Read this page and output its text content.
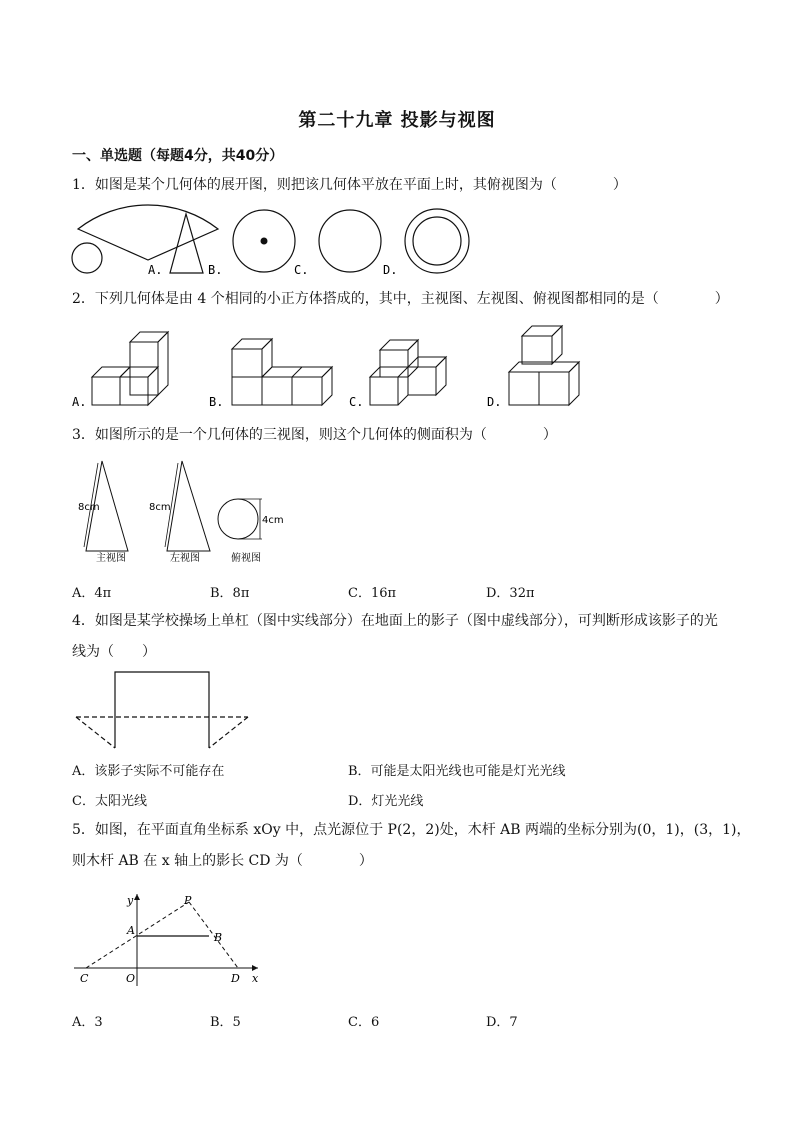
第二十九章 投影与视图
一、单选题（每题4分，共40分）
1．如图是某个几何体的展开图，则把该几何体平放在平面上时，其俯视图为（　　　　）
A.	B.	C.	D.
2．下列几何体是由 4 个相同的小正方体搭成的，其中，主视图、左视图、俯视图都相同的是（　　　　）
A.	B.	C.	D.
3．如图所示的是一个几何体的三视图，则这个几何体的侧面积为（　　　　）
8cm	8cm
4cm
主视图	左视图	俯视图
A．4π	B．8π	C．16π	D．32π
4．如图是某学校操场上单杠（图中实线部分）在地面上的影子（图中虚线部分），可判断形成该影子的光
线为（　　）
A．该影子实际不可能存在	B．可能是太阳光线也可能是灯光光线
C．太阳光线	D．灯光光线
5．如图，在平面直角坐标系 xOy 中，点光源位于 P(2，2)处，木杆 AB 两端的坐标分别为(0，1)，(3，1)，
则木杆 AB 在 x 轴上的影长 CD 为（　　　　）
y
x
P
A
B
C	O	D
A．3	B．5	C．6	D．7
